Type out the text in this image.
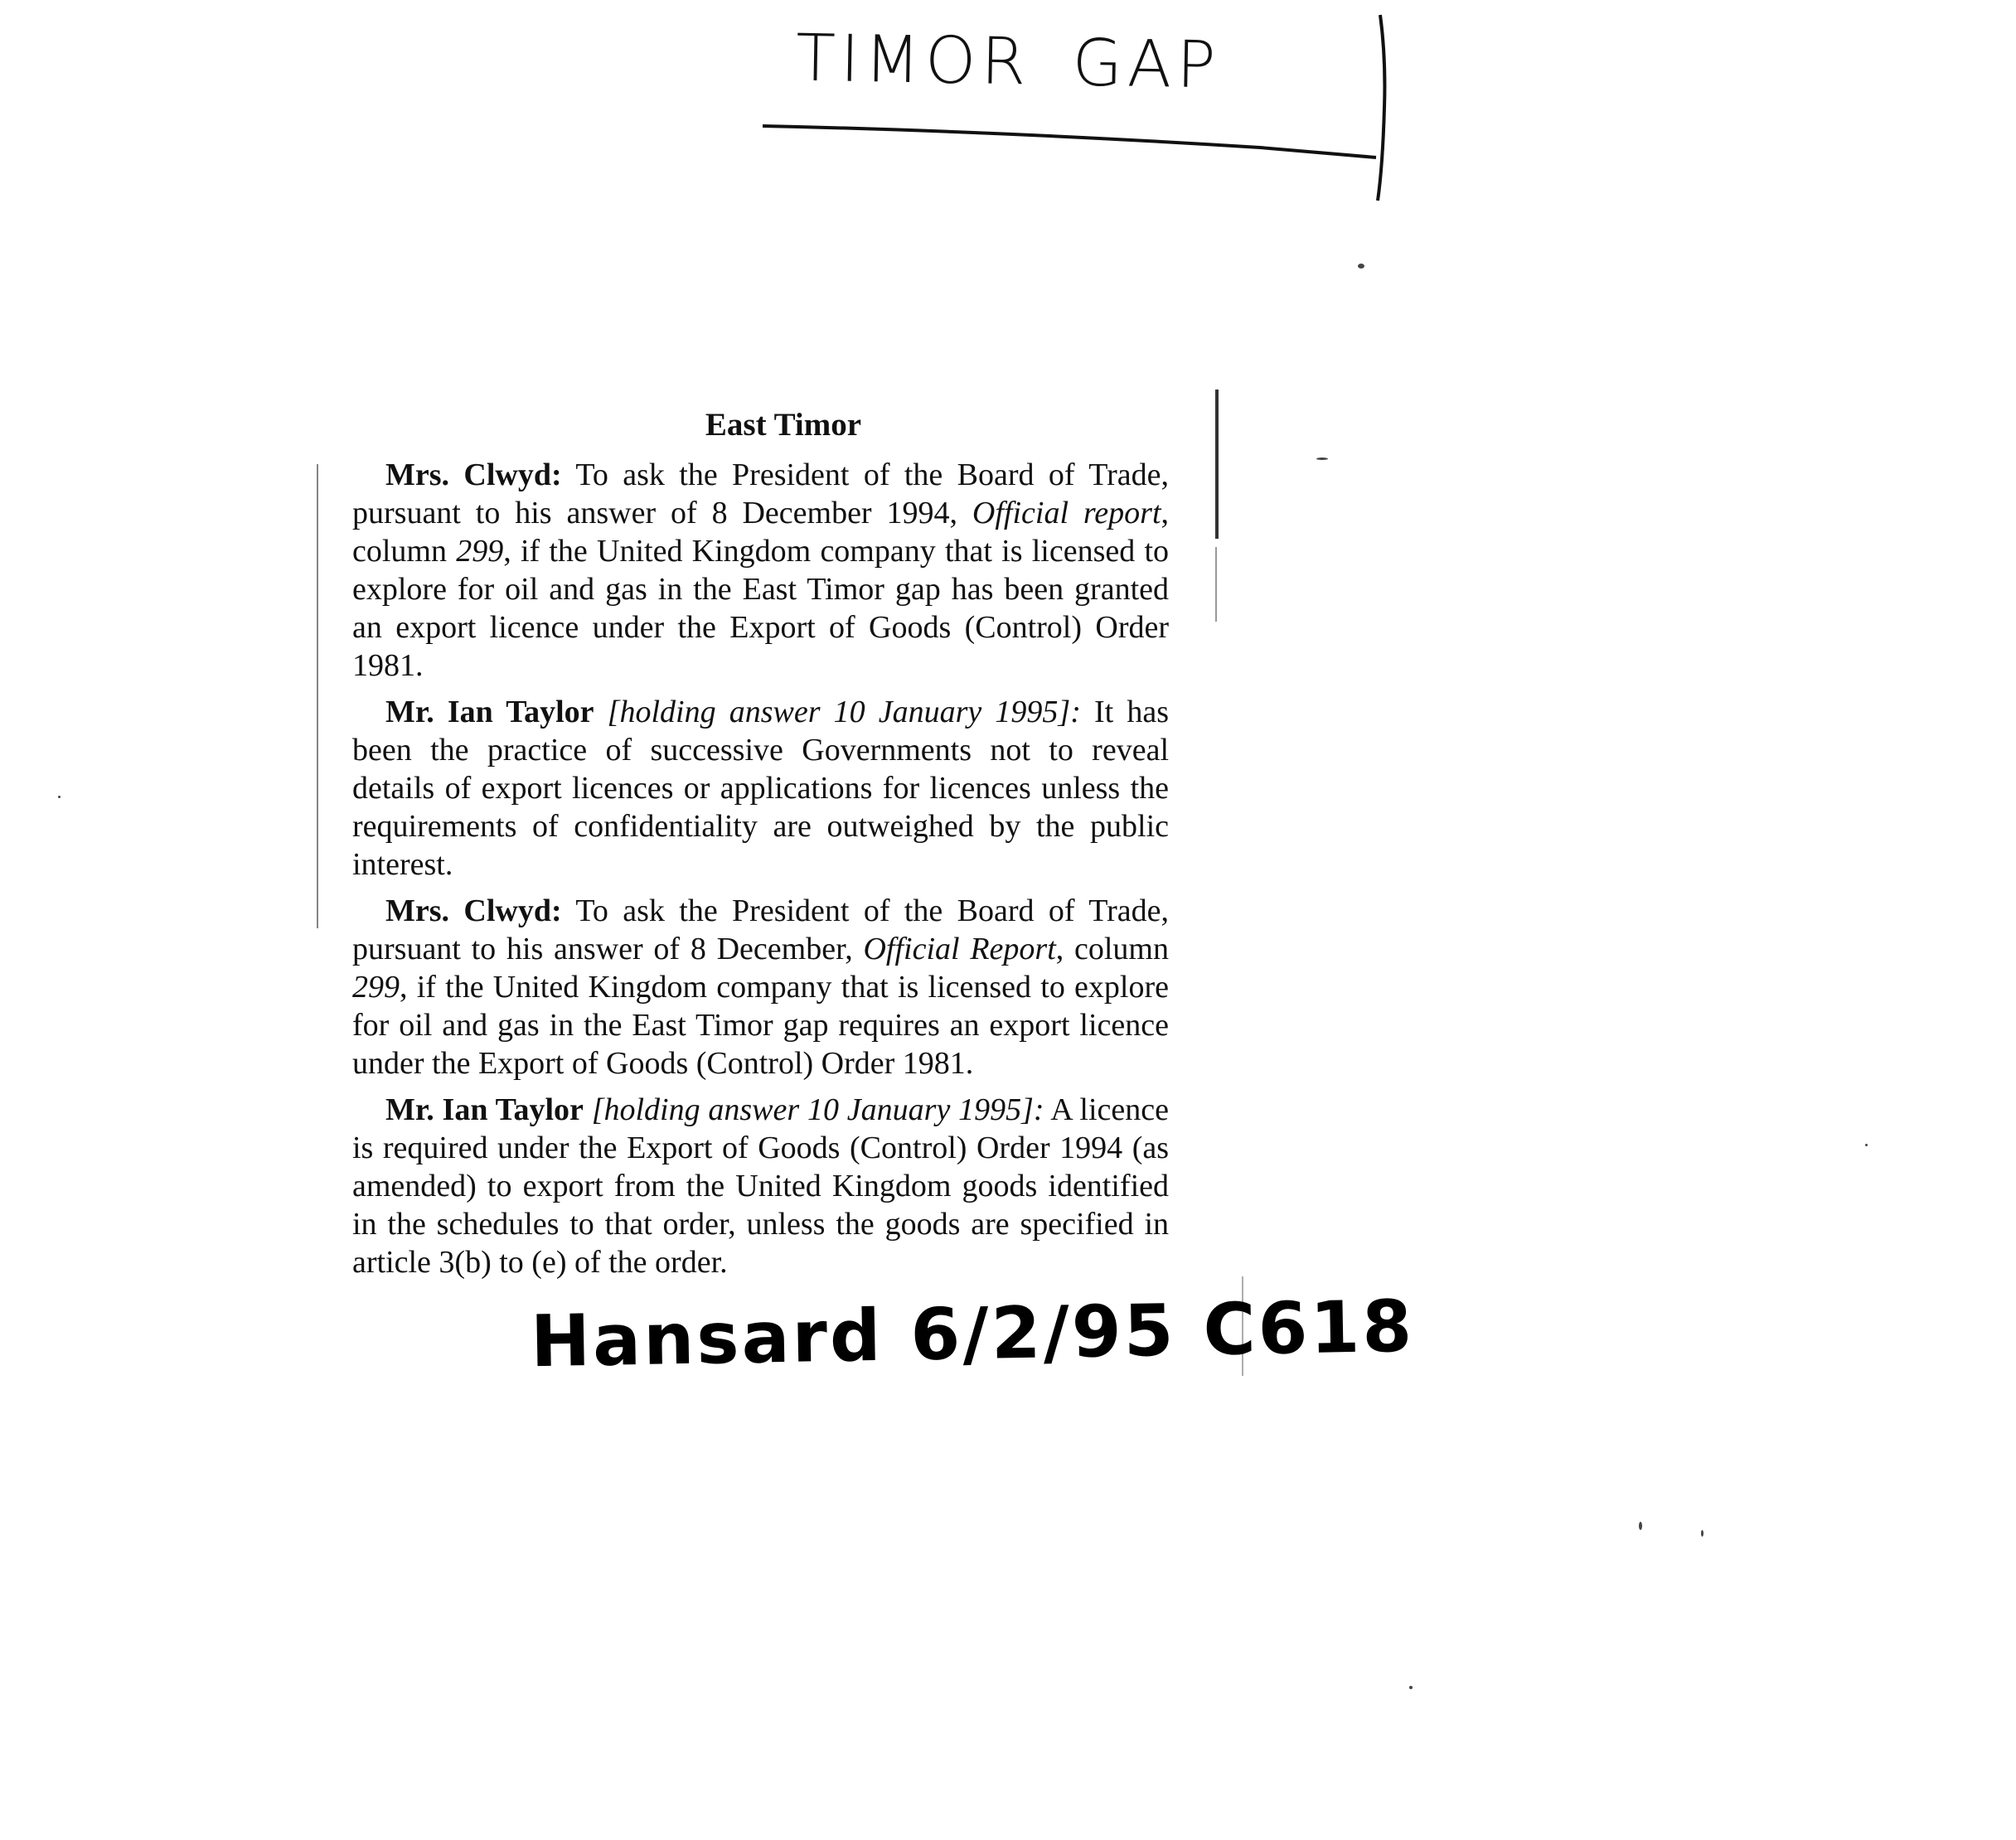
TIMOR GAP
East Timor

Mrs. Clwyd: To ask the President of the Board of Trade, pursuant to his answer of 8 December 1994, Official report, column 299, if the United Kingdom company that is licensed to explore for oil and gas in the East Timor gap has been granted an export licence under the Export of Goods (Control) Order 1981.

Mr. Ian Taylor [holding answer 10 January 1995]: It has been the practice of successive Governments not to reveal details of export licences or applications for licences unless the requirements of confidentiality are outweighed by the public interest.

Mrs. Clwyd: To ask the President of the Board of Trade, pursuant to his answer of 8 December, Official Report, column 299, if the United Kingdom company that is licensed to explore for oil and gas in the East Timor gap requires an export licence under the Export of Goods (Control) Order 1981.

Mr. Ian Taylor [holding answer 10 January 1995]: A licence is required under the Export of Goods (Control) Order 1994 (as amended) to export from the United Kingdom goods identified in the schedules to that order, unless the goods are specified in article 3(b) to (e) of the order.

Hansard 6/2/95 C618
